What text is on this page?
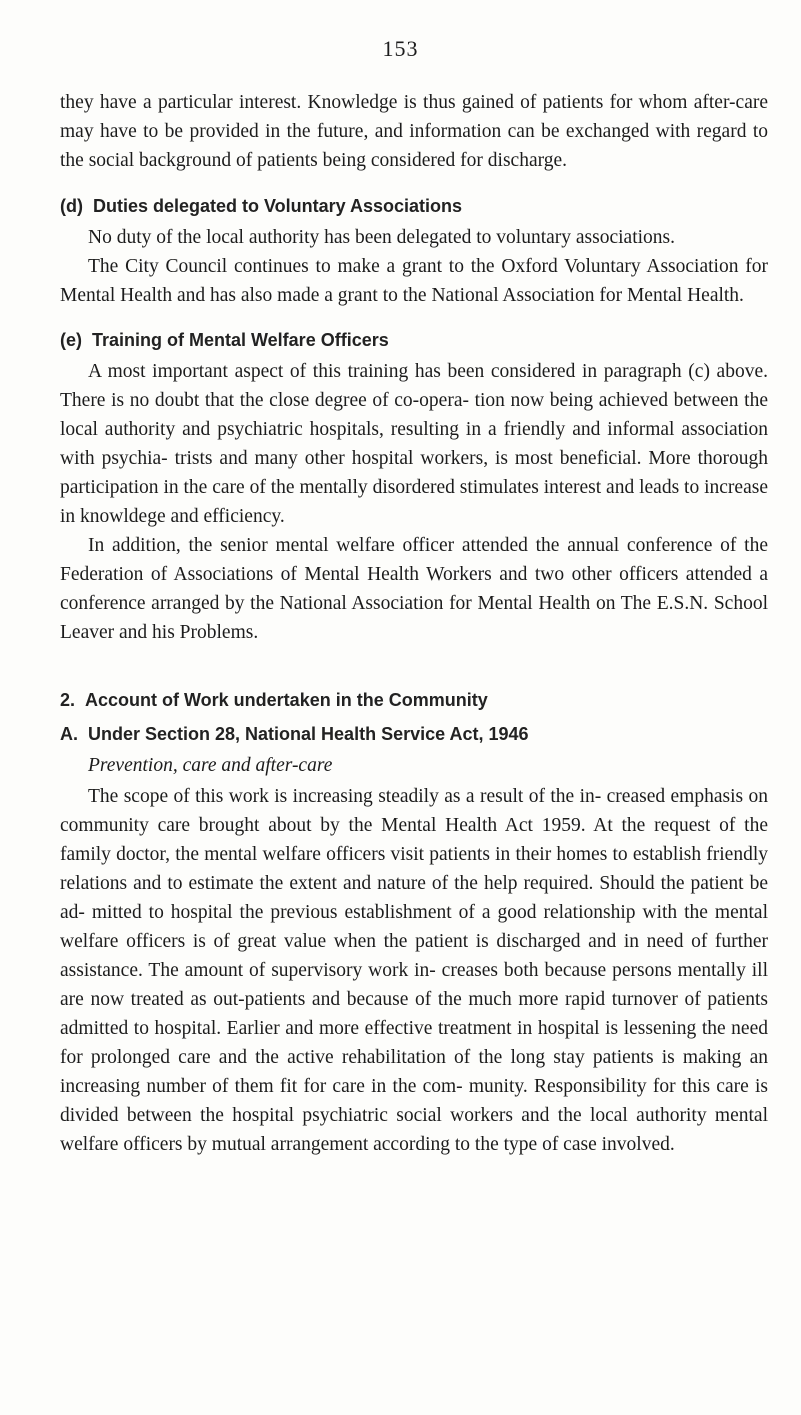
153

they have a particular interest. Knowledge is thus gained of patients for whom after-care may have to be provided in the future, and information can be exchanged with regard to the social background of patients being considered for discharge.

(d) Duties delegated to Voluntary Associations

No duty of the local authority has been delegated to voluntary associations.

The City Council continues to make a grant to the Oxford Voluntary Association for Mental Health and has also made a grant to the National Association for Mental Health.

(e) Training of Mental Welfare Officers

A most important aspect of this training has been considered in paragraph (c) above. There is no doubt that the close degree of co-opera- tion now being achieved between the local authority and psychiatric hospitals, resulting in a friendly and informal association with psychia- trists and many other hospital workers, is most beneficial. More thorough participation in the care of the mentally disordered stimulates interest and leads to increase in knowldege and efficiency.

In addition, the senior mental welfare officer attended the annual conference of the Federation of Associations of Mental Health Workers and two other officers attended a conference arranged by the National Association for Mental Health on The E.S.N. School Leaver and his Problems.

2. Account of Work undertaken in the Community
A. Under Section 28, National Health Service Act, 1946
Prevention, care and after-care

The scope of this work is increasing steadily as a result of the in- creased emphasis on community care brought about by the Mental Health Act 1959. At the request of the family doctor, the mental welfare officers visit patients in their homes to establish friendly relations and to estimate the extent and nature of the help required. Should the patient be ad- mitted to hospital the previous establishment of a good relationship with the mental welfare officers is of great value when the patient is discharged and in need of further assistance. The amount of supervisory work in- creases both because persons mentally ill are now treated as out-patients and because of the much more rapid turnover of patients admitted to hospital. Earlier and more effective treatment in hospital is lessening the need for prolonged care and the active rehabilitation of the long stay patients is making an increasing number of them fit for care in the com- munity. Responsibility for this care is divided between the hospital psychiatric social workers and the local authority mental welfare officers by mutual arrangement according to the type of case involved.
